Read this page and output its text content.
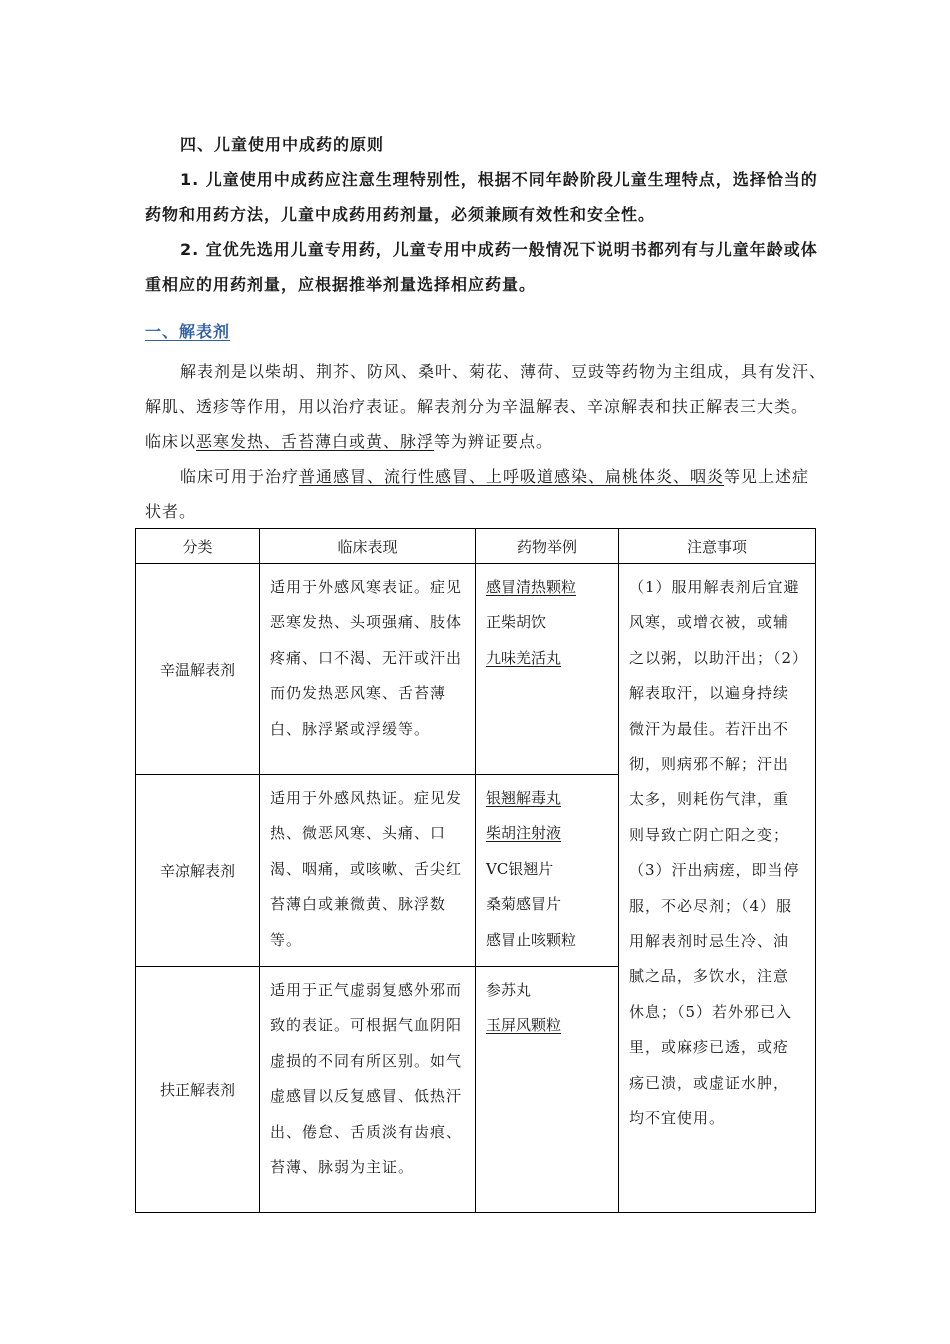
四、儿童使用中成药的原则
1. 儿童使用中成药应注意生理特别性，根据不同年龄阶段儿童生理特点，选择恰当的
药物和用药方法，儿童中成药用药剂量，必须兼顾有效性和安全性。
2. 宜优先选用儿童专用药，儿童专用中成药一般情况下说明书都列有与儿童年龄或体
重相应的用药剂量，应根据推举剂量选择相应药量。
一、解表剂
解表剂是以柴胡、荆芥、防风、桑叶、菊花、薄荷、豆豉等药物为主组成，具有发汗、
解肌、透疹等作用，用以治疗表证。解表剂分为辛温解表、辛凉解表和扶正解表三大类。
临床以恶寒发热、舌苔薄白或黄、脉浮等为辨证要点。
临床可用于治疗普通感冒、流行性感冒、上呼吸道感染、扁桃体炎、咽炎等见上述症
状者。
分类	临床表现	药物举例	注意事项
辛温解表剂	适用于外感风寒表证。症见恶寒发热、头项强痛、肢体疼痛、口不渴、无汗或汗出而仍发热恶风寒、舌苔薄白、脉浮紧或浮缓等。	感冒清热颗粒
正柴胡饮
九味羌活丸	（1）服用解表剂后宜避风寒，或增衣被，或辅之以粥，以助汗出；（2）解表取汗，以遍身持续微汗为最佳。若汗出不彻，则病邪不解；汗出太多，则耗伤气津，重则导致亡阴亡阳之变；（3）汗出病瘥，即当停服，不必尽剂；（4）服用解表剂时忌生冷、油腻之品，多饮水，注意休息；（5）若外邪已入里，或麻疹已透，或疮疡已溃，或虚证水肿，均不宜使用。
辛凉解表剂	适用于外感风热证。症见发热、微恶风寒、头痛、口渴、咽痛，或咳嗽、舌尖红苔薄白或兼微黄、脉浮数等。	银翘解毒丸
柴胡注射液
VC银翘片
桑菊感冒片
感冒止咳颗粒	

扶正解表剂	适用于正气虚弱复感外邪而致的表证。可根据气血阴阳虚损的不同有所区别。如气虚感冒以反复感冒、低热汗出、倦怠、舌质淡有齿痕、苔薄、脉弱为主证。	参苏丸
玉屏风颗粒	
